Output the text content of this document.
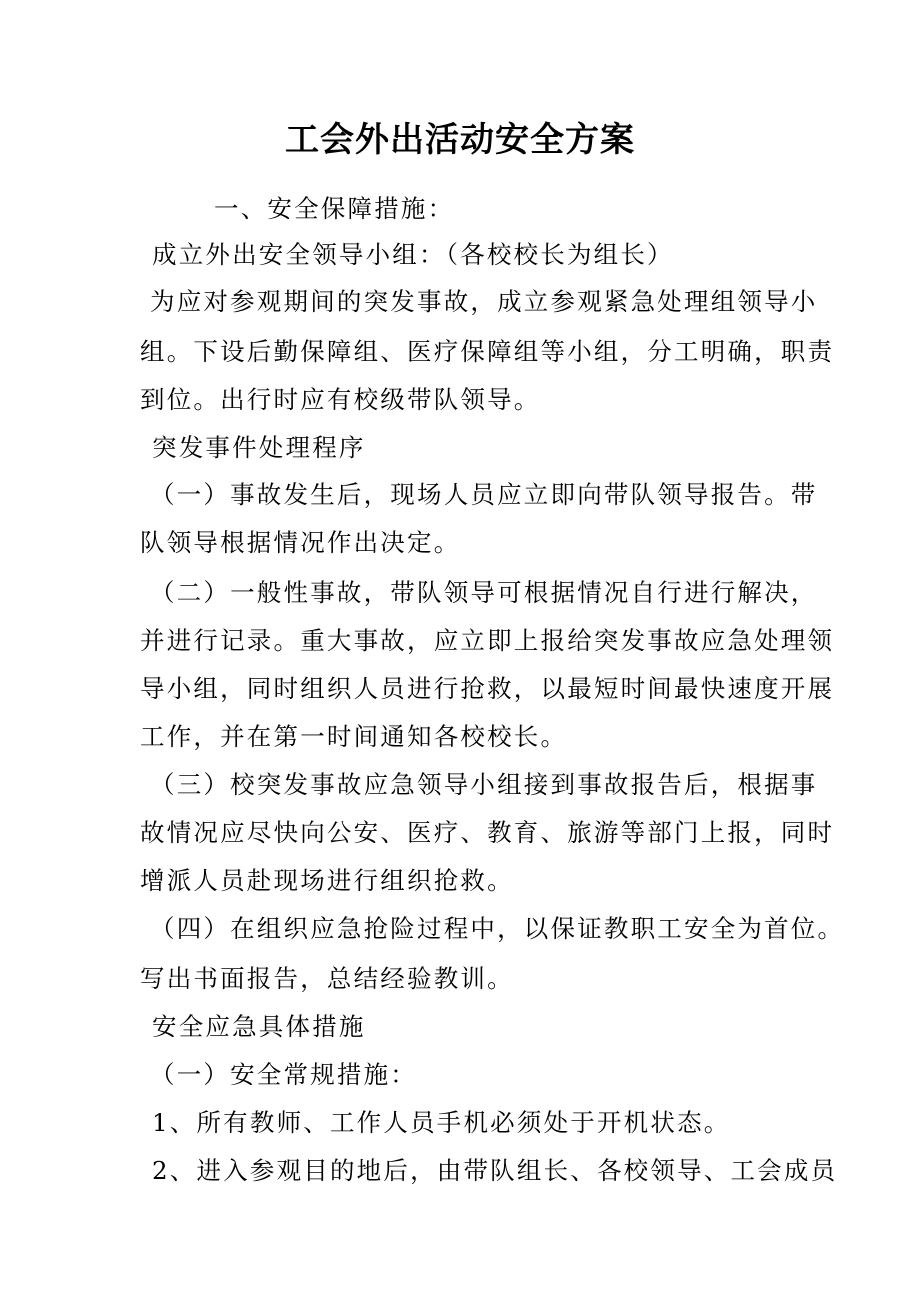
工会外出活动安全方案
一、安全保障措施：
成立外出安全领导小组：（各校校长为组长）
为应对参观期间的突发事故，成立参观紧急处理组领导小
组。下设后勤保障组、医疗保障组等小组，分工明确，职责
到位。出行时应有校级带队领导。
突发事件处理程序
（一）事故发生后，现场人员应立即向带队领导报告。带
队领导根据情况作出决定。
（二）一般性事故，带队领导可根据情况自行进行解决，
并进行记录。重大事故，应立即上报给突发事故应急处理领
导小组，同时组织人员进行抢救，以最短时间最快速度开展
工作，并在第一时间通知各校校长。
（三）校突发事故应急领导小组接到事故报告后，根据事
故情况应尽快向公安、医疗、教育、旅游等部门上报，同时
增派人员赴现场进行组织抢救。
（四）在组织应急抢险过程中，以保证教职工安全为首位。
写出书面报告，总结经验教训。
安全应急具体措施
（一）安全常规措施：
1、所有教师、工作人员手机必须处于开机状态。
2、进入参观目的地后，由带队组长、各校领导、工会成员
